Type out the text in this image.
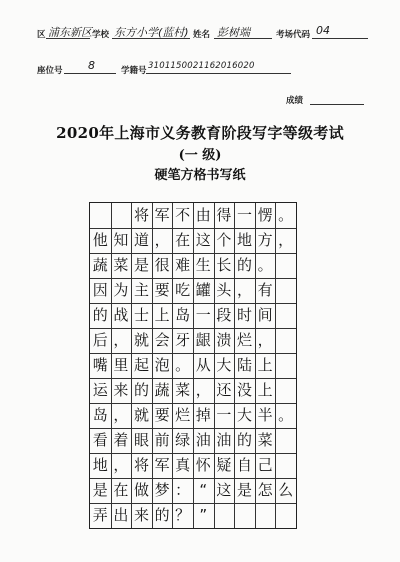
区 浦东新区 学校 东方小学(蓝村) 姓名 彭树端	考场代码 04
座位号 8	学籍号 3101150021162016020
成绩
2020年上海市义务教育阶段写字等级考试
(一 级)
硬笔方格书写纸
将 军 不 由 得 一 愣 。
他 知 道 ， 在 这 个 地 方 ，
蔬 菜 是 很 难 生 长 的 。
因 为 主 要 吃 罐 头 ， 有
的 战 士 上 岛 一 段 时 间
后 ， 就 会 牙 龈 溃 烂 ，
嘴 里 起 泡 。 从 大 陆 上
运 来 的 蔬 菜 ， 还 没 上
岛 ， 就 要 烂 掉 一 大 半 。
看 着 眼 前 绿 油 油 的 菜
地 ， 将 军 真 怀 疑 自 己
是 在 做 梦 ： “ 这 是 怎 么
弄 出 来 的 ？ ”
